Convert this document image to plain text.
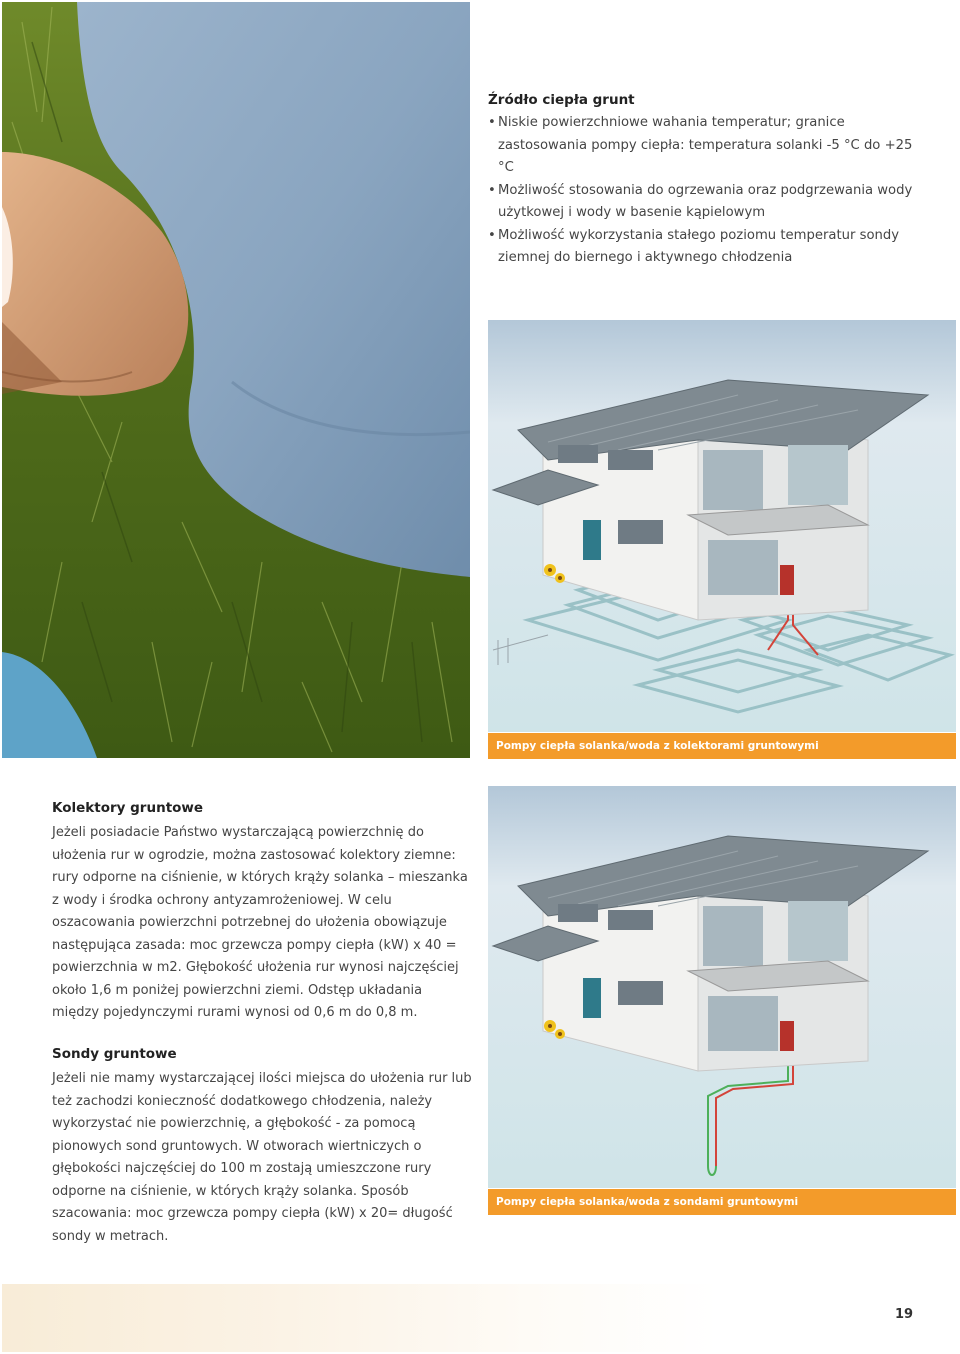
Źródło ciepła grunt
• Niskie powierzchniowe wahania temperatur; granice zastosowania pompy ciepła: temperatura solanki -5 °C do +25 °C
• Możliwość stosowania do ogrzewania oraz podgrzewania wody użytkowej i wody w basenie kąpielowym
• Możliwość wykorzystania stałego poziomu temperatur sondy ziemnej do biernego i aktywnego chłodzenia
Pompy ciepła solanka/woda z kolektorami gruntowymi
Kolektory gruntowe

Jeżeli posiadacie Państwo wystarczającą powierzchnię do ułożenia rur w ogrodzie, można zastosować kolektory ziemne: rury odporne na ciśnienie, w których krąży solanka – mieszanka z wody i środka ochrony antyzamrożeniowej. W celu oszacowania powierzchni potrzebnej do ułożenia obowiązuje następująca zasada: moc grzewcza pompy ciepła (kW) x 40 = powierzchnia w m2. Głębokość ułożenia rur wynosi najczęściej około 1,6 m poniżej powierzchni ziemi. Odstęp układania między pojedynczymi rurami wynosi od 0,6 m do 0,8 m.

Pompy ciepła solanka/woda z sondami gruntowymi
Sondy gruntowe

Jeżeli nie mamy wystarczającej ilości miejsca do ułożenia rur lub też zachodzi konieczność dodatkowego chłodzenia, należy wykorzystać nie powierzchnię, a głębokość - za pomocą pionowych sond gruntowych. W otworach wiertniczych o głębokości najczęściej do 100 m zostają umieszczone rury odporne na ciśnienie, w których krąży solanka. Sposób szacowania: moc grzewcza pompy ciepła (kW) x 20= długość sondy w metrach.

19
